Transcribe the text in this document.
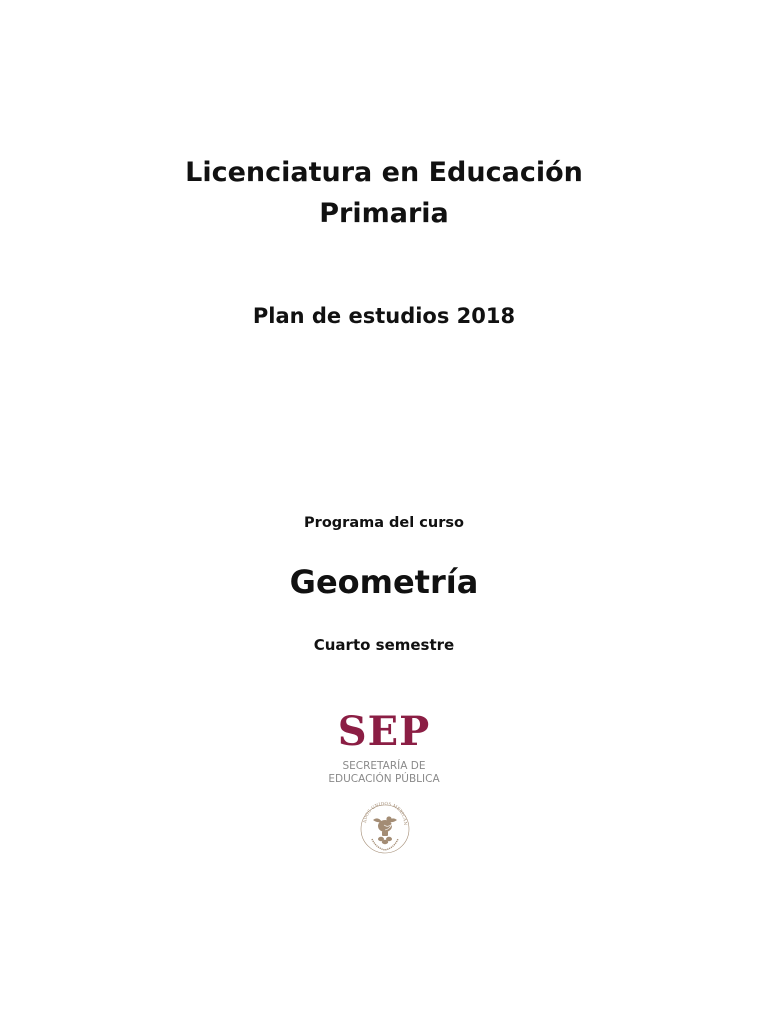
Licenciatura en Educación
Primaria

Plan de estudios 2018

Programa del curso

Geometría

Cuarto semestre

SEP
SECRETARÍA DE
EDUCACIÓN PÚBLICA
ADOS UNIDOS MEXICAN
